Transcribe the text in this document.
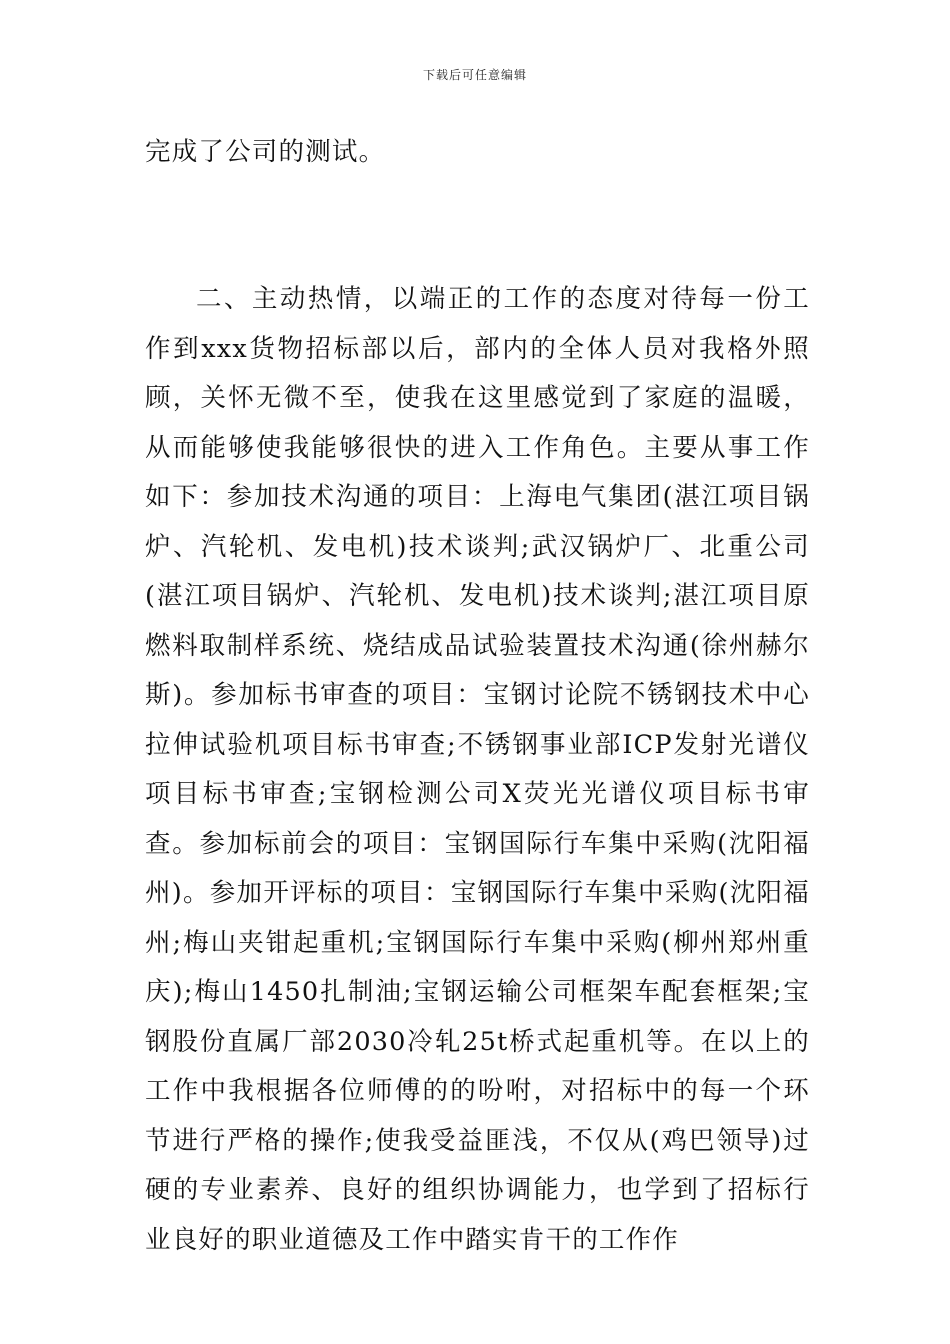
下载后可任意编辑

完成了公司的测试。

二、主动热情，以端正的工作的态度对待每一份工作到xxx货物招标部以后，部内的全体人员对我格外照顾，关怀无微不至，使我在这里感觉到了家庭的温暖，从而能够使我能够很快的进入工作角色。主要从事工作如下：参加技术沟通的项目：上海电气集团(湛江项目锅炉、汽轮机、发电机)技术谈判;武汉锅炉厂、北重公司(湛江项目锅炉、汽轮机、发电机)技术谈判;湛江项目原燃料取制样系统、烧结成品试验装置技术沟通(徐州赫尔斯)。参加标书审查的项目：宝钢讨论院不锈钢技术中心拉伸试验机项目标书审查;不锈钢事业部ICP发射光谱仪项目标书审查;宝钢检测公司X荧光光谱仪项目标书审查。参加标前会的项目：宝钢国际行车集中采购(沈阳福州)。参加开评标的项目：宝钢国际行车集中采购(沈阳福州;梅山夹钳起重机;宝钢国际行车集中采购(柳州郑州重庆);梅山1450扎制油;宝钢运输公司框架车配套框架;宝钢股份直属厂部2030冷轧25t桥式起重机等。在以上的工作中我根据各位师傅的的吩咐，对招标中的每一个环节进行严格的操作;使我受益匪浅，不仅从(鸡巴领导)过硬的专业素养、良好的组织协调能力，也学到了招标行业良好的职业道德及工作中踏实肯干的工作作
